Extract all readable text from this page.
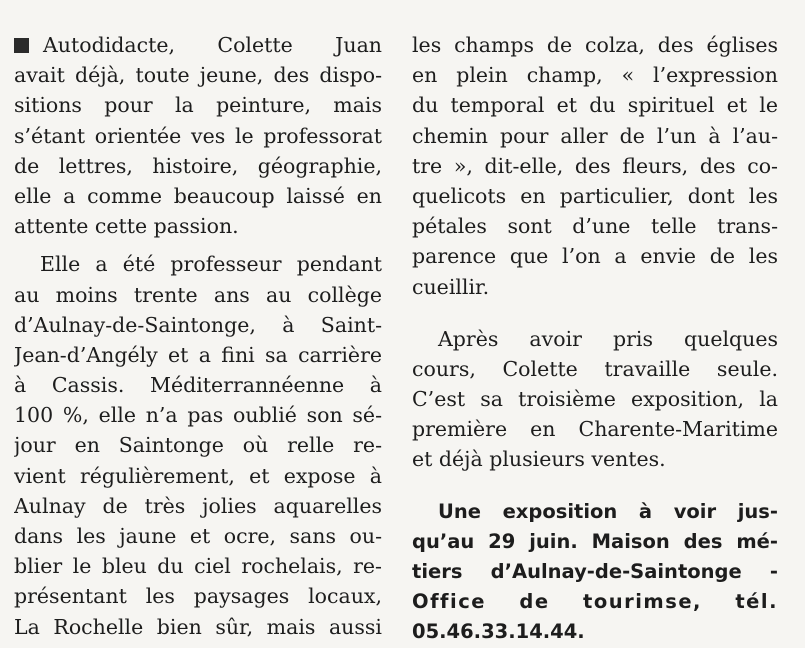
Autodidacte, Colette Juan
avait déjà, toute jeune, des dispo-
sitions pour la peinture, mais
s’étant orientée ves le professorat
de lettres, histoire, géographie,
elle a comme beaucoup laissé en
attente cette passion.
Elle a été professeur pendant
au moins trente ans au collège
d’Aulnay-de-Saintonge, à Saint-
Jean-d’Angély et a fini sa carrière
à Cassis. Méditerrannéenne à
100 %, elle n’a pas oublié son sé-
jour en Saintonge où relle re-
vient régulièrement, et expose à
Aulnay de très jolies aquarelles
dans les jaune et ocre, sans ou-
blier le bleu du ciel rochelais, re-
présentant les paysages locaux,
La Rochelle bien sûr, mais aussi
les champs de colza, des églises
en plein champ, « l’expression
du temporal et du spirituel et le
chemin pour aller de l’un à l’au-
tre », dit-elle, des fleurs, des co-
quelicots en particulier, dont les
pétales sont d’une telle trans-
parence que l’on a envie de les
cueillir.
Après avoir pris quelques
cours, Colette travaille seule.
C’est sa troisième exposition, la
première en Charente-Maritime
et déjà plusieurs ventes.
Une exposition à voir jus-
qu’au 29 juin. Maison des mé-
tiers d’Aulnay-de-Saintonge -
Office de tourimse, tél.
05.46.33.14.44.
